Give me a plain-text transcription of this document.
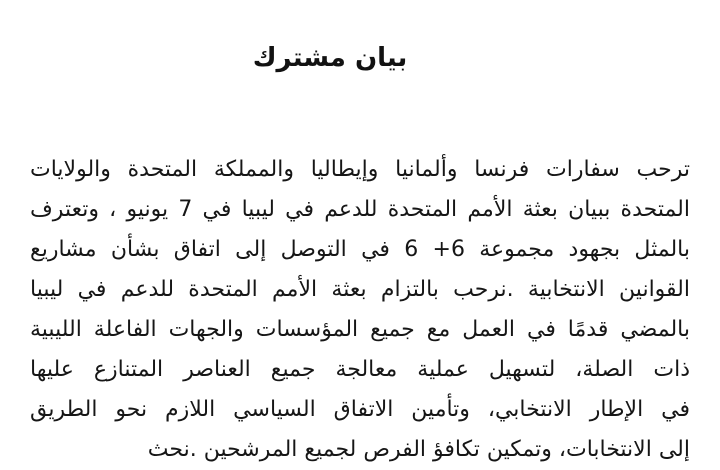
بيان مشترك
ترحب سفارات فرنسا وألمانيا وإيطاليا والمملكة المتحدة والولايات
المتحدة ببيان بعثة الأمم المتحدة للدعم في ليبيا في 7 يونيو ، وتعترف
بالمثل بجهود مجموعة 6+ 6 في التوصل إلى اتفاق بشأن مشاريع
القوانين الانتخابية .نرحب بالتزام بعثة الأمم المتحدة للدعم في ليبيا
بالمضي قدمًا في العمل مع جميع المؤسسات والجهات الفاعلة الليبية
ذات الصلة، لتسهيل عملية معالجة جميع العناصر المتنازع عليها
في الإطار الانتخابي، وتأمين الاتفاق السياسي اللازم نحو الطريق
إلى الانتخابات، وتمكين تكافؤ الفرص لجميع المرشحين .نحث
